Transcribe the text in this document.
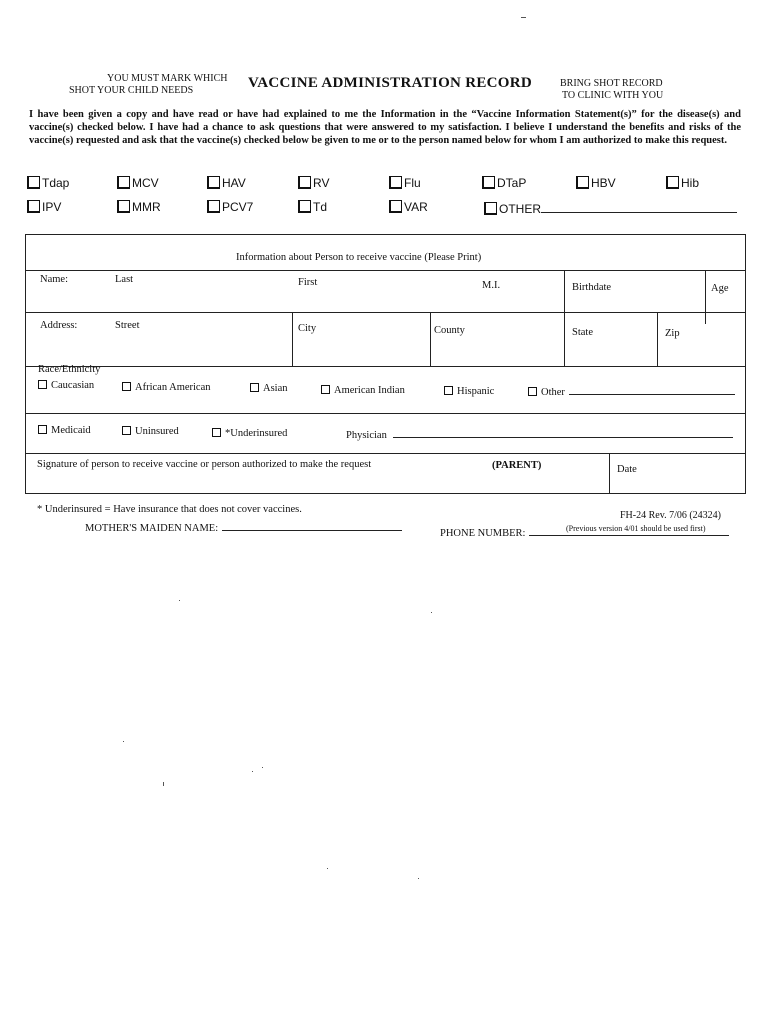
YOU MUST MARK WHICH
SHOT YOUR CHILD NEEDS	VACCINE ADMINISTRATION RECORD	BRING SHOT RECORD
TO CLINIC WITH YOU
I have been given a copy and have read or have had explained to me the Information in the “Vaccine Information Statement(s)” for the disease(s) and vaccine(s) checked below. I have had a chance to ask questions that were answered to my satisfaction. I believe I understand the benefits and risks of the vaccine(s) requested and ask that the vaccine(s) checked below be given to me or to the person named below for whom I am authorized to make this request.
Tdap	MCV	HAV	RV	Flu	DTaP	HBV	Hib
IPV	MMR	PCV7	Td	VAR	OTHER
Information about Person to receive vaccine (Please Print)
Name:	Last	First	M.I.	Birthdate	Age
Address:	Street	City	County	State	Zip
Race/Ethnicity
Caucasian	African American	Asian	American Indian	Hispanic	Other
Medicaid	Uninsured	*Underinsured	Physician
Signature of person to receive vaccine or person authorized to make the request	(PARENT)	Date
* Underinsured = Have insurance that does not cover vaccines.
FH-24 Rev. 7/06 (24324)
(Previous version 4/01 should be used first)
MOTHER'S MAIDEN NAME:	PHONE NUMBER:
